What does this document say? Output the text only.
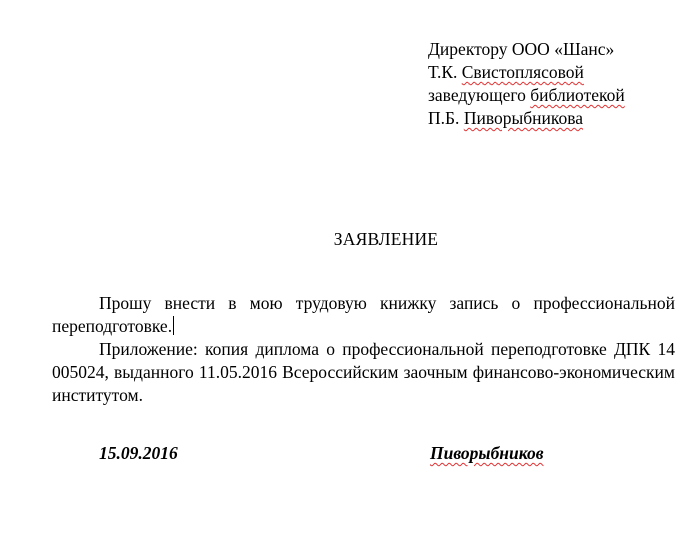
Директору ООО «Шанс»
Т.К. Свистоплясовой
заведующего библиотекой
П.Б. Пиворыбникова
ЗАЯВЛЕНИЕ

Прошу внести в мою трудовую книжку запись о профессиональной переподготовке.

Приложение: копия диплома о профессиональной переподготовке ДПК 14 005024, выданного 11.05.2016 Всероссийским заочным финансово-экономическим институтом.

15.09.2016	Пиворыбников
